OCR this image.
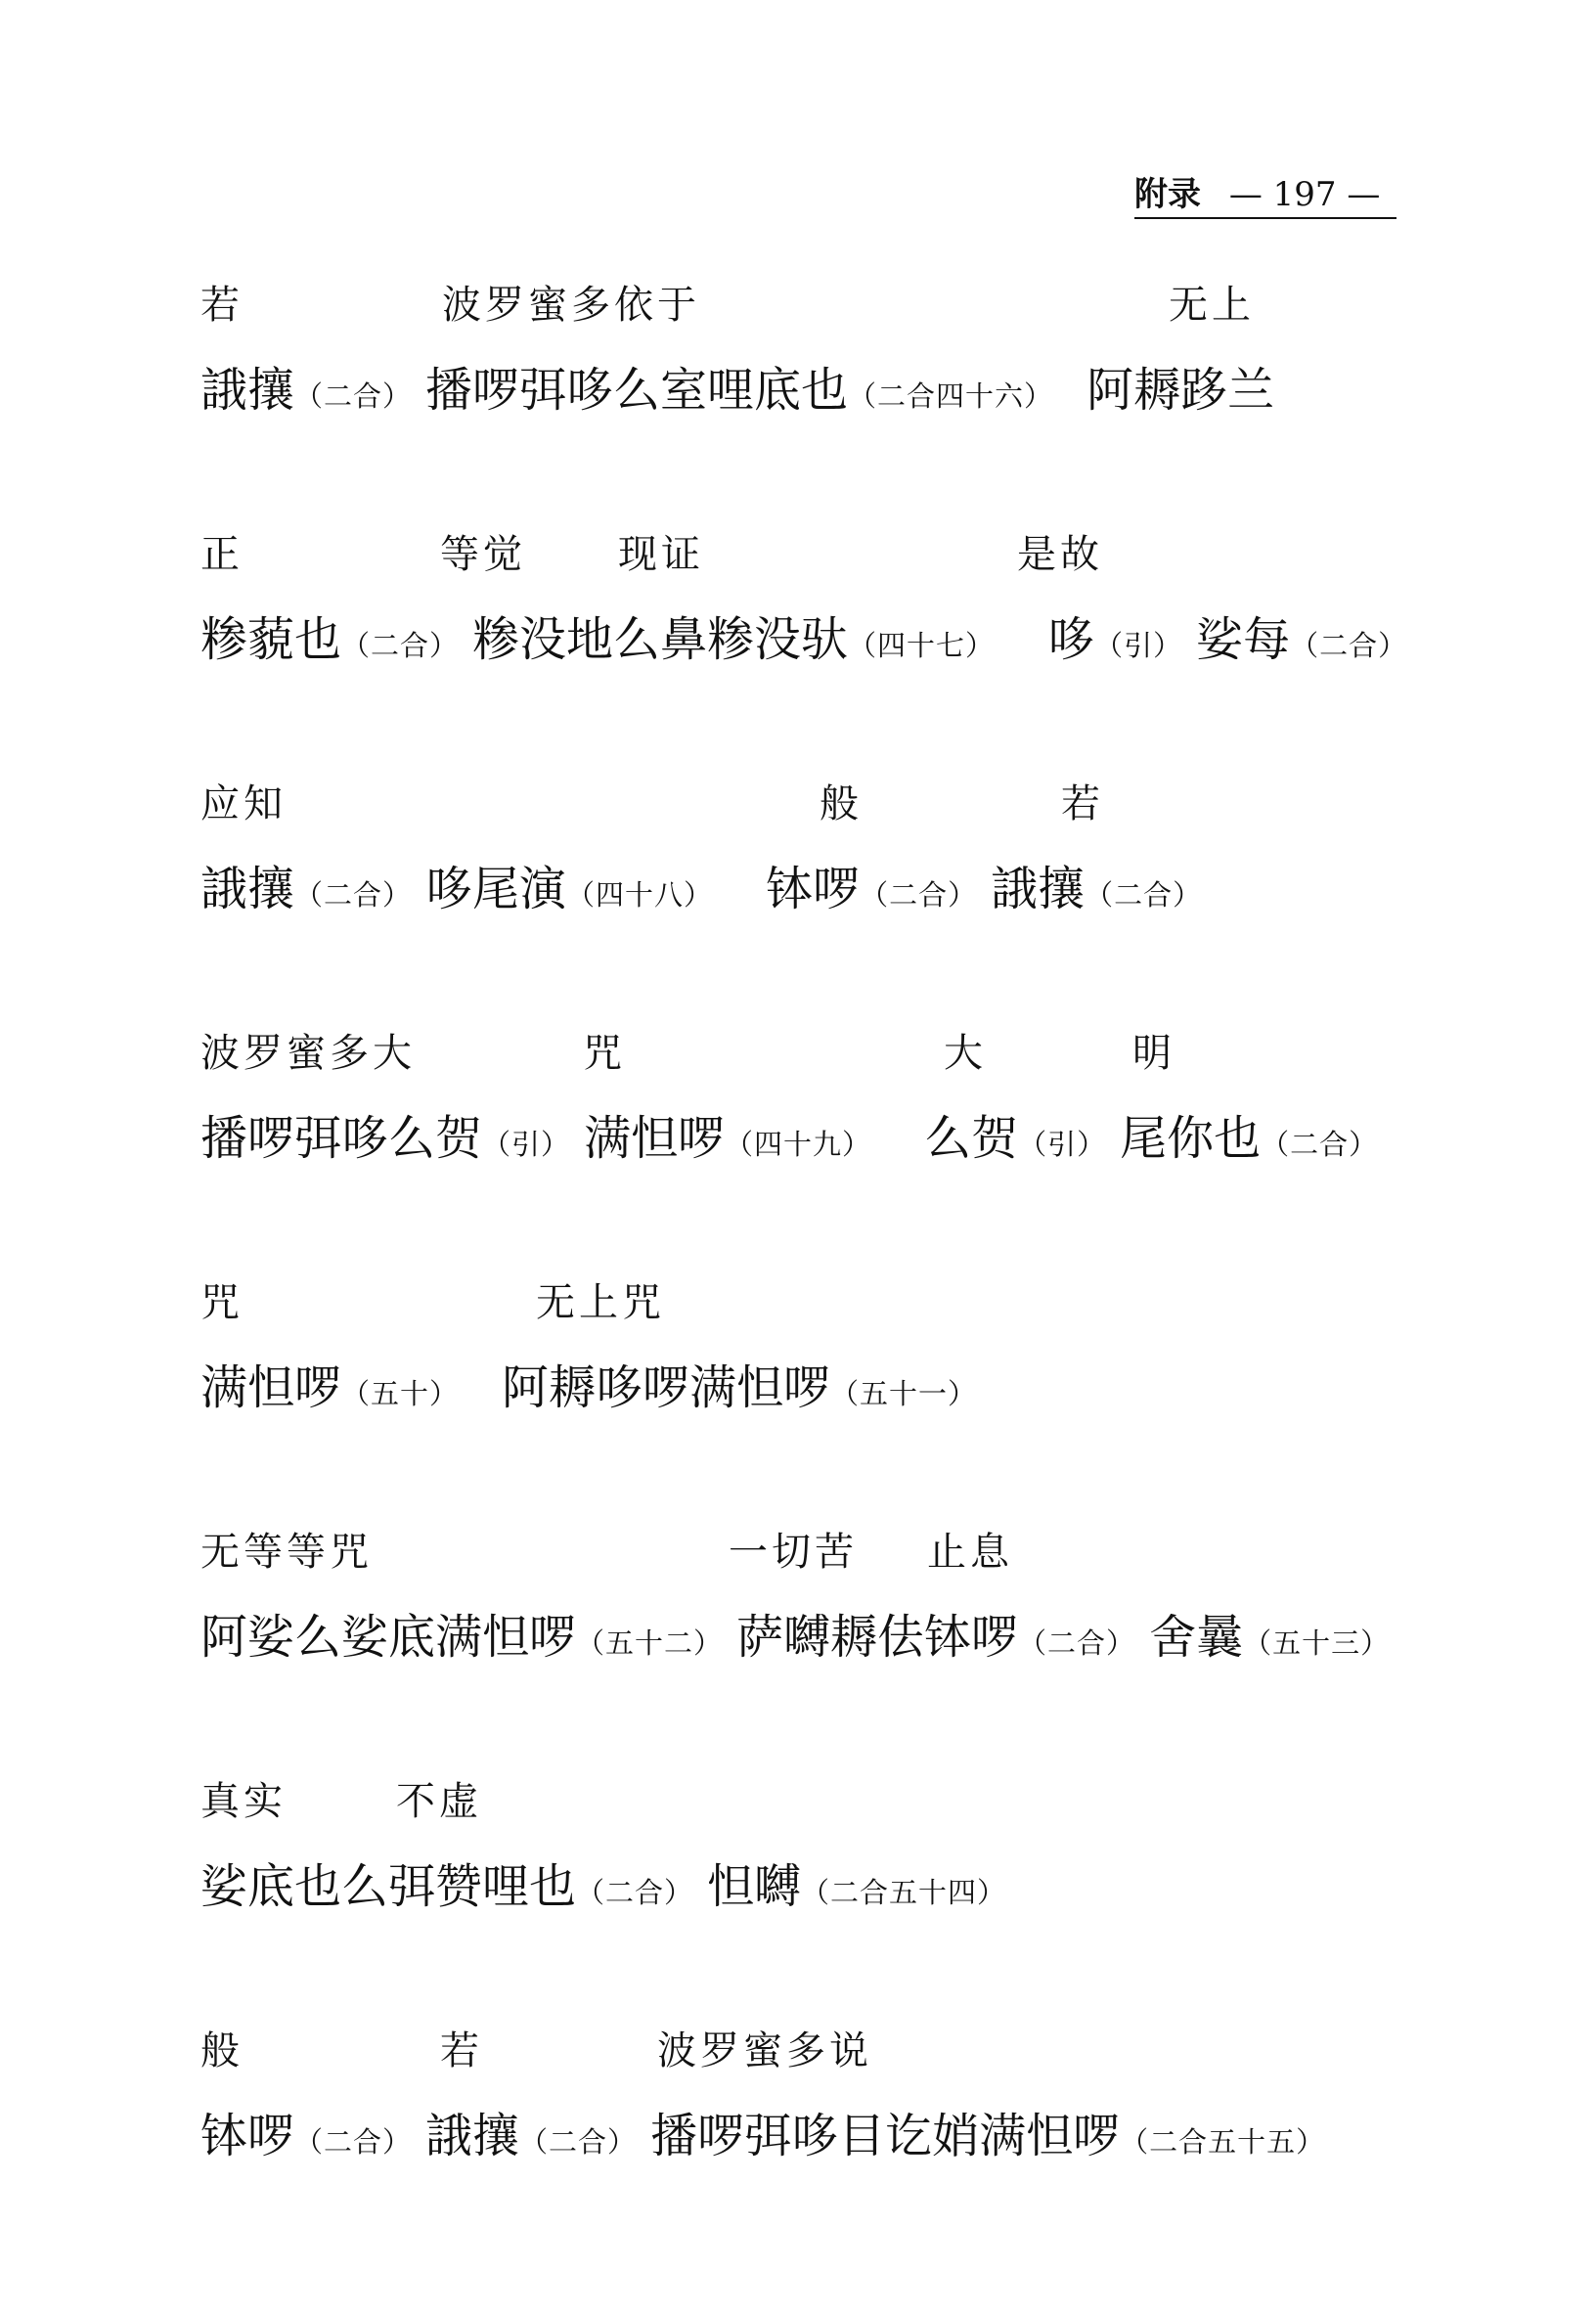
附录 — 197 —
若	波罗蜜多依于	无上
誐攘（二合） 播啰弭哆么室哩底也（二合四十六） 阿耨跢兰
正	等觉 现证	是故
糁藐也（二合） 糁没地么鼻糁没驮（四十七） 哆（引） 娑每（二合）
应知	般	若
誐攘（二合） 哆尾演（四十八） 钵啰（二合） 誐攘（二合）
波罗蜜多大	咒	大	明
播啰弭哆么贺（引） 满怛啰（四十九） 么贺（引） 尾你也（二合）
咒	无上咒
满怛啰（五十） 阿耨哆啰满怛啰（五十一）
无等等咒	一切苦 止息
阿娑么娑底满怛啰（五十二） 萨嚩耨佉钵啰（二合） 舍曩（五十三）
真实	不虚
娑底也么弭赞哩也（二合） 怛嚩（二合五十四）
般	若	波罗蜜多说
钵啰（二合） 誐攘（二合） 播啰弭哆目讫娋满怛啰（二合五十五）
